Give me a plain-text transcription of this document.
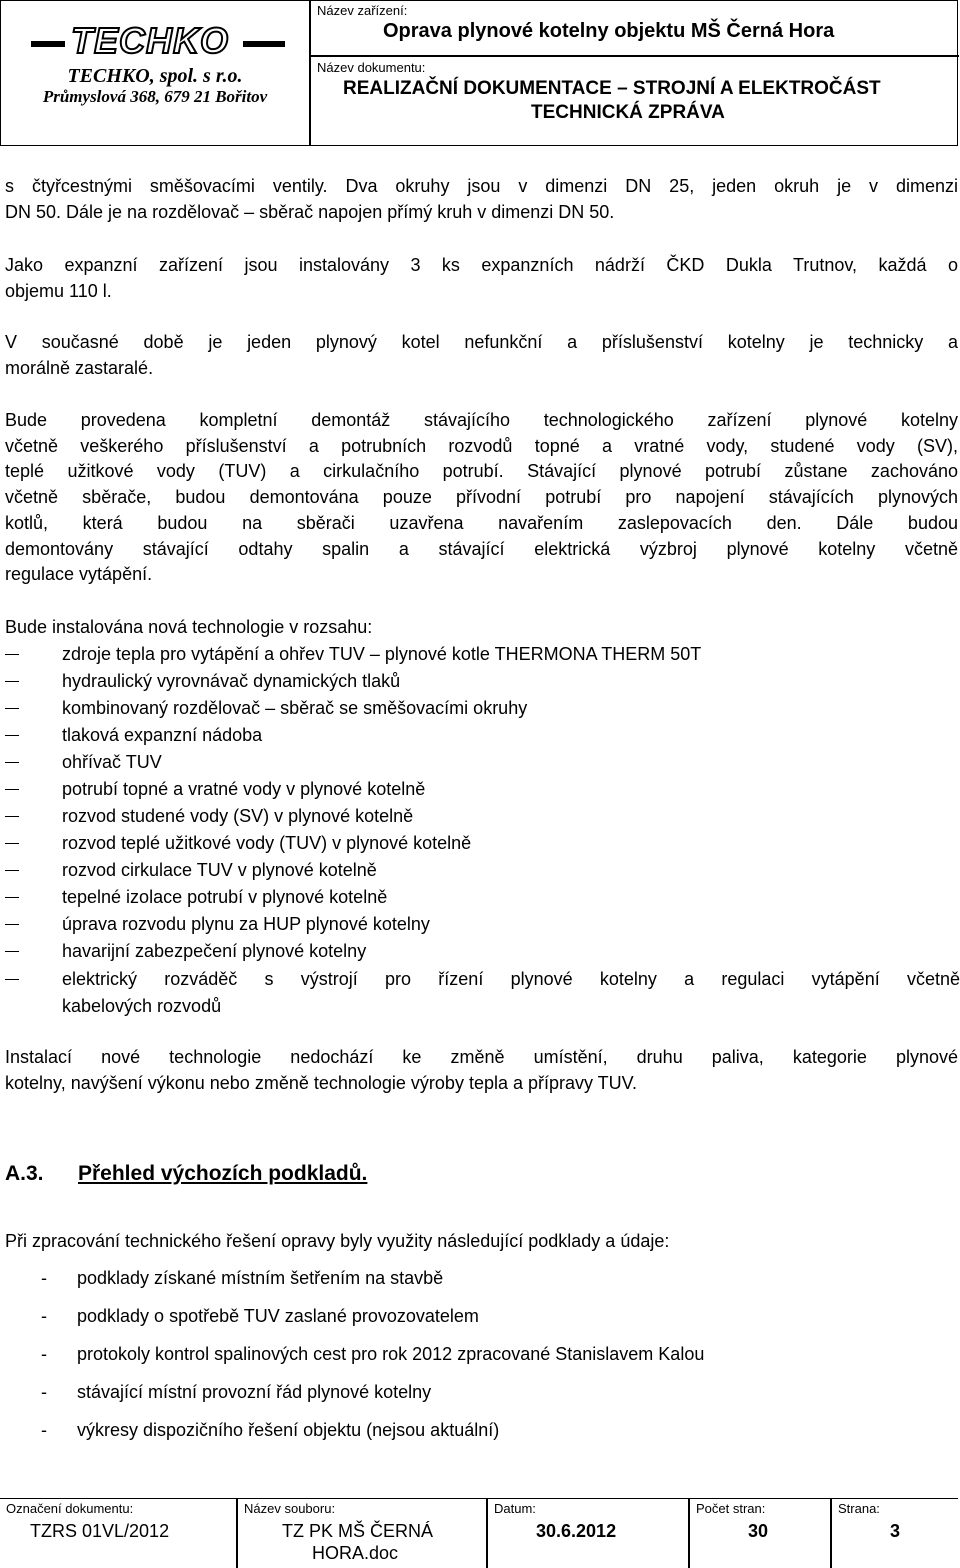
TECHKO
TECHKO, spol. s r.o.
Průmyslová 368, 679 21 Bořitov
Název zařízení:
Oprava plynové kotelny objektu MŠ Černá Hora
Název dokumentu:
REALIZAČNÍ DOKUMENTACE – STROJNÍ A ELEKTROČÁST
TECHNICKÁ ZPRÁVA
s čtyřcestnými směšovacími ventily. Dva okruhy jsou v dimenzi DN 25, jeden okruh je v dimenzi
DN 50. Dále je na rozdělovač – sběrač napojen přímý kruh v dimenzi DN 50.
Jako expanzní zařízení jsou instalovány 3 ks expanzních nádrží ČKD Dukla Trutnov, každá o
objemu 110 l.
V současné době je jeden plynový kotel nefunkční a příslušenství kotelny je technicky a
morálně zastaralé.
Bude provedena kompletní demontáž stávajícího technologického zařízení plynové kotelny
včetně veškerého příslušenství a potrubních rozvodů topné a vratné vody, studené vody (SV),
teplé užitkové vody (TUV) a cirkulačního potrubí. Stávající plynové potrubí zůstane zachováno
včetně sběrače, budou demontována pouze přívodní potrubí pro napojení stávajících plynových
kotlů, která budou na sběrači uzavřena navařením zaslepovacích den. Dále budou
demontovány stávající odtahy spalin a stávající elektrická výzbroj plynové kotelny včetně
regulace vytápění.
Bude instalována nová technologie v rozsahu:
zdroje tepla pro vytápění a ohřev TUV – plynové kotle THERMONA THERM 50T
hydraulický vyrovnávač dynamických tlaků
kombinovaný rozdělovač – sběrač se směšovacími okruhy
tlaková expanzní nádoba
ohřívač TUV
potrubí topné a vratné vody v plynové kotelně
rozvod studené vody (SV) v plynové kotelně
rozvod teplé užitkové vody (TUV) v plynové kotelně
rozvod cirkulace TUV v plynové kotelně
tepelné izolace potrubí v plynové kotelně
úprava rozvodu plynu za HUP plynové kotelny
havarijní zabezpečení plynové kotelny
elektrický rozváděč s výstrojí pro řízení plynové kotelny a regulaci vytápění včetně
kabelových rozvodů
Instalací nové technologie nedochází ke změně umístění, druhu paliva, kategorie plynové
kotelny, navýšení výkonu nebo změně technologie výroby tepla a přípravy TUV.
A.3. Přehled výchozích podkladů.
Při zpracování technického řešení opravy byly využity následující podklady a údaje:
- podklady získané místním šetřením na stavbě
- podklady o spotřebě TUV zaslané provozovatelem
- protokoly kontrol spalinových cest pro rok 2012 zpracované Stanislavem Kalou
- stávající místní provozní řád plynové kotelny
- výkresy dispozičního řešení objektu (nejsou aktuální)
Označení dokumentu:
TZRS 01VL/2012
Název souboru:
TZ PK MŠ ČERNÁ
HORA.doc
Datum:
30.6.2012
Počet stran:
30
Strana:
3
